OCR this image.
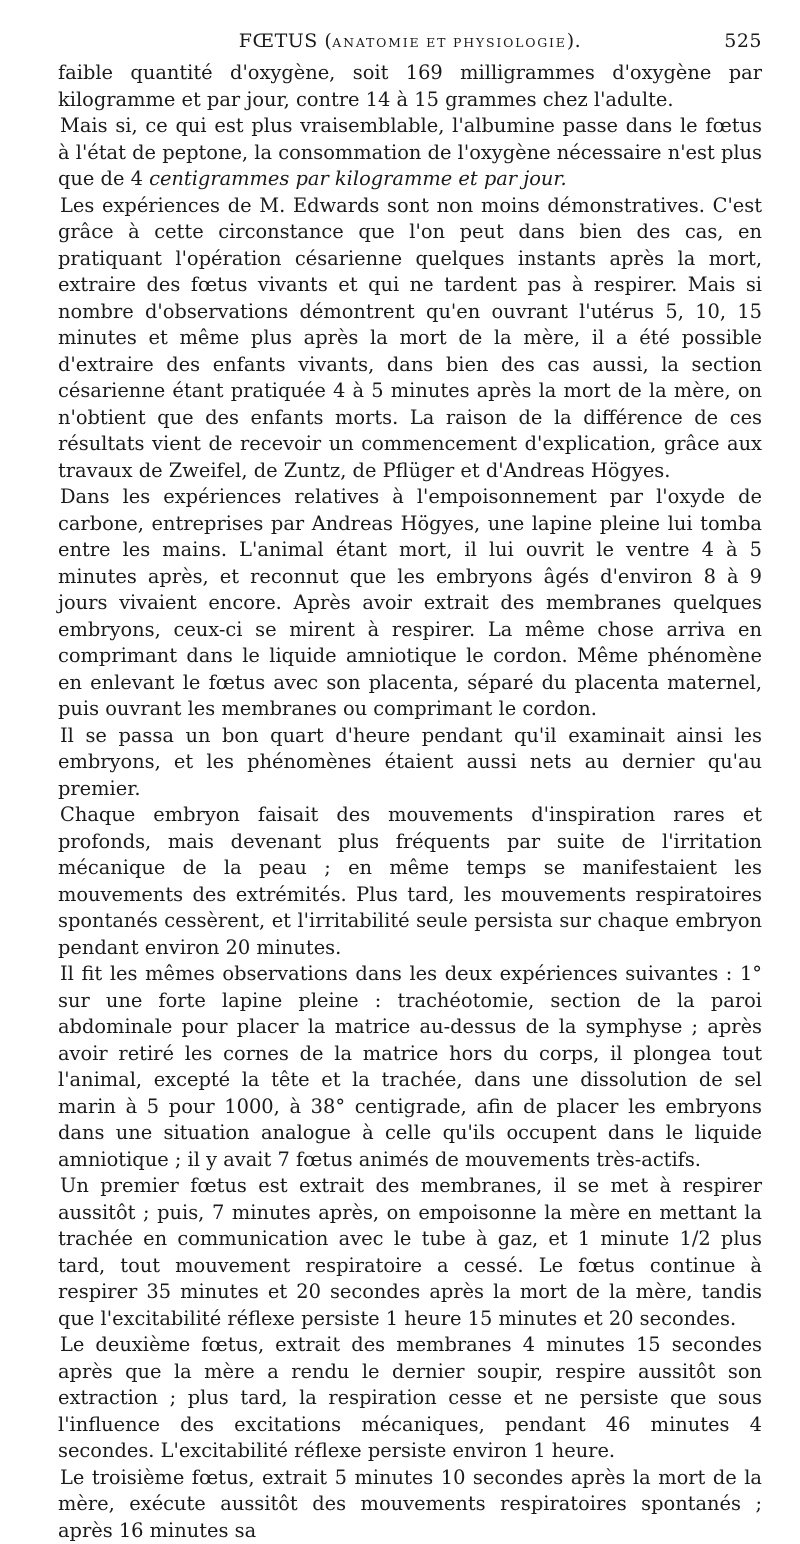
FŒTUS (ANATOMIE ET PHYSIOLOGIE).	525

faible quantité d'oxygène, soit 169 milligrammes d'oxygène par kilogramme et par jour, contre 14 à 15 grammes chez l'adulte.

Mais si, ce qui est plus vraisemblable, l'albumine passe dans le fœtus à l'état de peptone, la consommation de l'oxygène nécessaire n'est plus que de 4 centigrammes par kilogramme et par jour.

Les expériences de M. Edwards sont non moins démonstratives. C'est grâce à cette circonstance que l'on peut dans bien des cas, en pratiquant l'opération césarienne quelques instants après la mort, extraire des fœtus vivants et qui ne tardent pas à respirer. Mais si nombre d'observations démontrent qu'en ouvrant l'utérus 5, 10, 15 minutes et même plus après la mort de la mère, il a été possible d'extraire des enfants vivants, dans bien des cas aussi, la section césarienne étant pratiquée 4 à 5 minutes après la mort de la mère, on n'obtient que des enfants morts. La raison de la différence de ces résultats vient de recevoir un commencement d'explication, grâce aux travaux de Zweifel, de Zuntz, de Pflüger et d'Andreas Högyes.

Dans les expériences relatives à l'empoisonnement par l'oxyde de carbone, entreprises par Andreas Högyes, une lapine pleine lui tomba entre les mains. L'animal étant mort, il lui ouvrit le ventre 4 à 5 minutes après, et reconnut que les embryons âgés d'environ 8 à 9 jours vivaient encore. Après avoir extrait des membranes quelques embryons, ceux-ci se mirent à respirer. La même chose arriva en comprimant dans le liquide amniotique le cordon. Même phénomène en enlevant le fœtus avec son placenta, séparé du placenta maternel, puis ouvrant les membranes ou comprimant le cordon.

Il se passa un bon quart d'heure pendant qu'il examinait ainsi les embryons, et les phénomènes étaient aussi nets au dernier qu'au premier.

Chaque embryon faisait des mouvements d'inspiration rares et profonds, mais devenant plus fréquents par suite de l'irritation mécanique de la peau ; en même temps se manifestaient les mouvements des extrémités. Plus tard, les mouvements respiratoires spontanés cessèrent, et l'irritabilité seule persista sur chaque embryon pendant environ 20 minutes.

Il fit les mêmes observations dans les deux expériences suivantes : 1° sur une forte lapine pleine : trachéotomie, section de la paroi abdominale pour placer la matrice au-dessus de la symphyse ; après avoir retiré les cornes de la matrice hors du corps, il plongea tout l'animal, excepté la tête et la trachée, dans une dissolution de sel marin à 5 pour 1000, à 38° centigrade, afin de placer les embryons dans une situation analogue à celle qu'ils occupent dans le liquide amniotique ; il y avait 7 fœtus animés de mouvements très-actifs.

Un premier fœtus est extrait des membranes, il se met à respirer aussitôt ; puis, 7 minutes après, on empoisonne la mère en mettant la trachée en communication avec le tube à gaz, et 1 minute 1/2 plus tard, tout mouvement respiratoire a cessé. Le fœtus continue à respirer 35 minutes et 20 secondes après la mort de la mère, tandis que l'excitabilité réflexe persiste 1 heure 15 minutes et 20 secondes.

Le deuxième fœtus, extrait des membranes 4 minutes 15 secondes après que la mère a rendu le dernier soupir, respire aussitôt son extraction ; plus tard, la respiration cesse et ne persiste que sous l'influence des excitations mécaniques, pendant 46 minutes 4 secondes. L'excitabilité réflexe persiste environ 1 heure.

Le troisième fœtus, extrait 5 minutes 10 secondes après la mort de la mère, exécute aussitôt des mouvements respiratoires spontanés ; après 16 minutes sa
